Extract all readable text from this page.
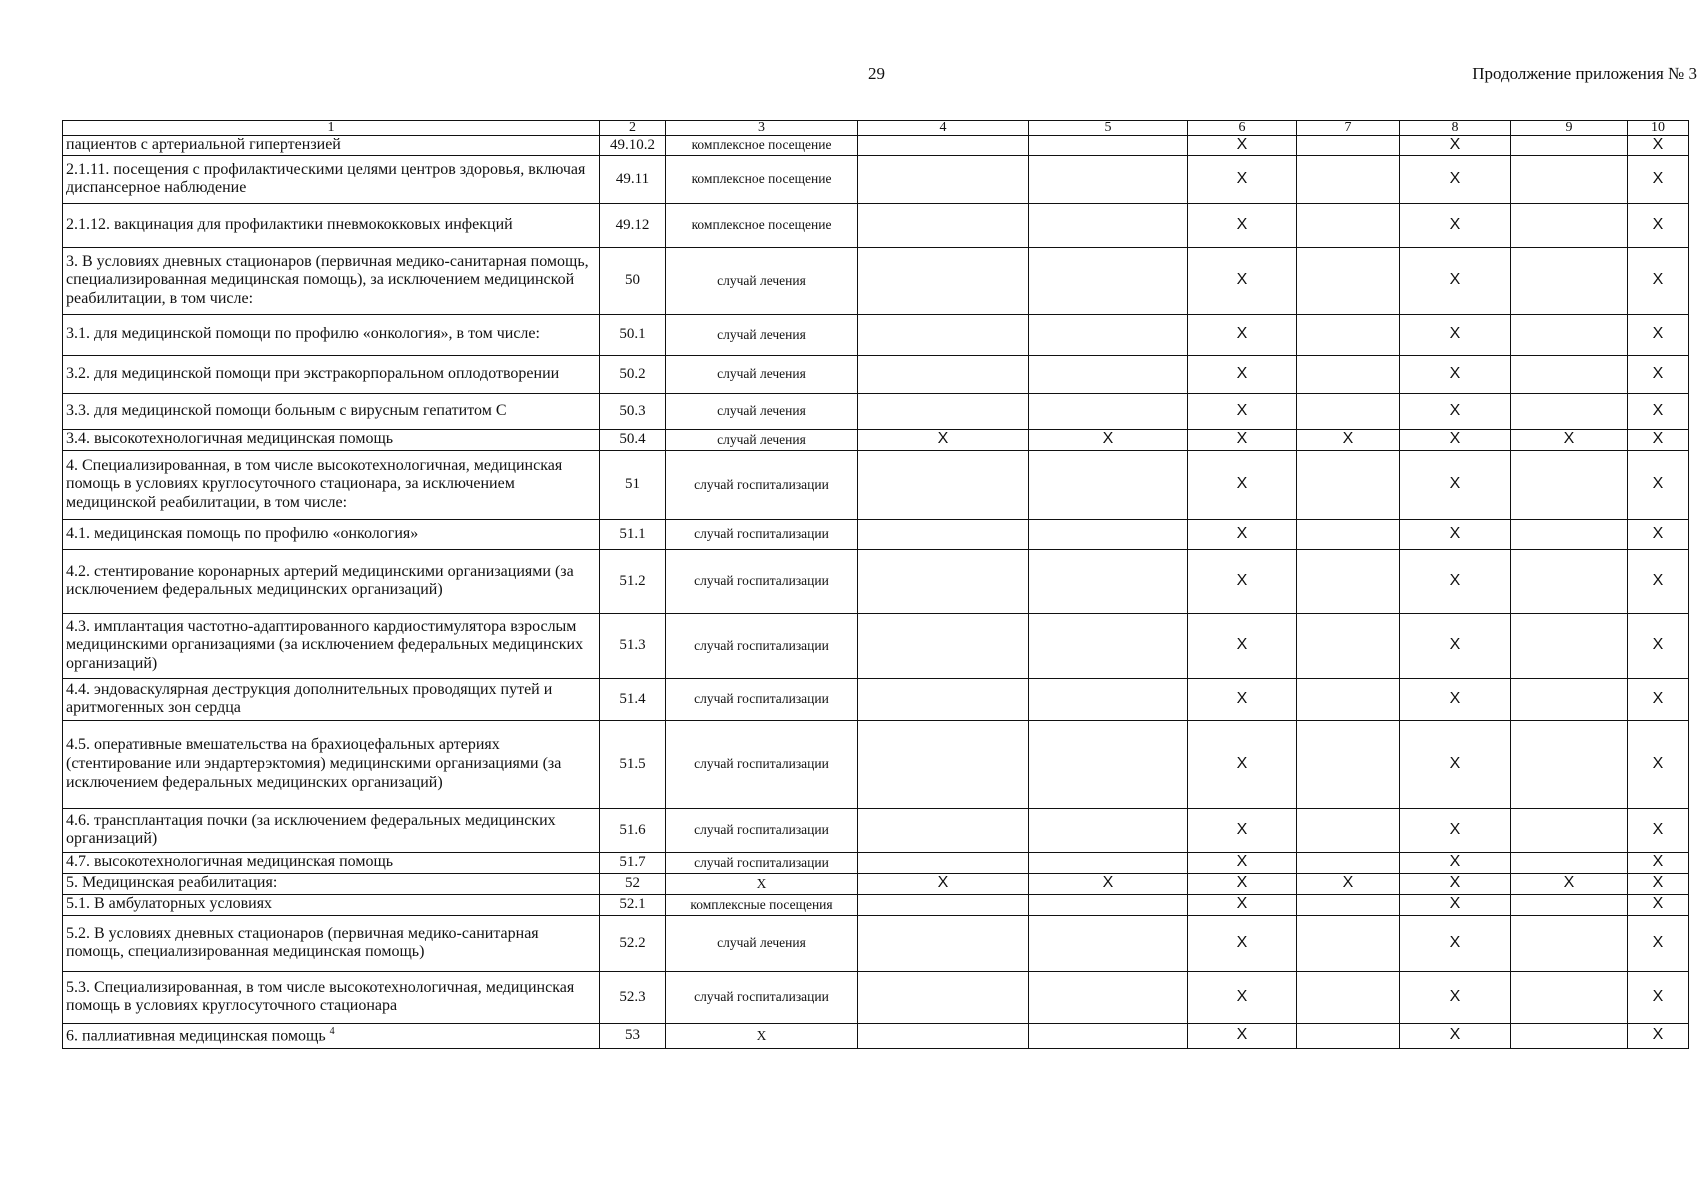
29	Продолжение приложения № 3
1	2	3	4	5	6	7	8	9	10
пациентов с артериальной гипертензией	49.10.2	комплексное посещение			Х		Х		Х
2.1.11. посещения с профилактическими целями центров здоровья, включая диспансерное наблюдение	49.11	комплексное посещение			Х		Х		Х
2.1.12. вакцинация для профилактики пневмококковых инфекций	49.12	комплексное посещение			Х		Х		Х
3. В условиях дневных стационаров (первичная медико-санитарная помощь, специализированная медицинская помощь), за исключением медицинской реабилитации, в том числе:	50	случай лечения			Х		Х		Х
3.1. для медицинской помощи по профилю «онкология», в том числе:	50.1	случай лечения			Х		Х		Х
3.2. для медицинской помощи при экстракорпоральном оплодотворении	50.2	случай лечения			Х		Х		Х
3.3. для медицинской помощи больным с вирусным гепатитом С	50.3	случай лечения			Х		Х		Х
3.4. высокотехнологичная медицинская помощь	50.4	случай лечения	Х	Х	Х	Х	Х	Х	Х
4. Специализированная, в том числе высокотехнологичная, медицинская помощь в условиях круглосуточного стационара, за исключением медицинской реабилитации, в том числе:	51	случай госпитализации			Х		Х		Х
4.1. медицинская помощь по профилю «онкология»	51.1	случай госпитализации			Х		Х		Х
4.2. стентирование коронарных артерий медицинскими организациями (за исключением федеральных медицинских организаций)	51.2	случай госпитализации			Х		Х		Х
4.3. имплантация частотно-адаптированного кардиостимулятора взрослым медицинскими организациями (за исключением федеральных медицинских организаций)	51.3	случай госпитализации			Х		Х		Х
4.4. эндоваскулярная деструкция дополнительных проводящих путей и аритмогенных зон сердца	51.4	случай госпитализации			Х		Х		Х
4.5. оперативные вмешательства на брахиоцефальных артериях (стентирование или эндартерэктомия) медицинскими организациями (за исключением федеральных медицинских организаций)	51.5	случай госпитализации			Х		Х		Х
4.6. трансплантация почки (за исключением федеральных медицинских организаций)	51.6	случай госпитализации			Х		Х		Х
4.7. высокотехнологичная медицинская помощь	51.7	случай госпитализации			Х		Х		Х
5. Медицинская реабилитация:	52	Х	Х	Х	Х	Х	Х	Х	Х
5.1. В амбулаторных условиях	52.1	комплексные посещения			Х		Х		Х
5.2. В условиях дневных стационаров (первичная медико-санитарная помощь, специализированная медицинская помощь)	52.2	случай лечения			Х		Х		Х
5.3. Специализированная, в том числе высокотехнологичная, медицинская помощь в условиях круглосуточного стационара	52.3	случай госпитализации			Х		Х		Х
6. паллиативная медицинская помощь $^4$	53	Х			Х		Х		Х
